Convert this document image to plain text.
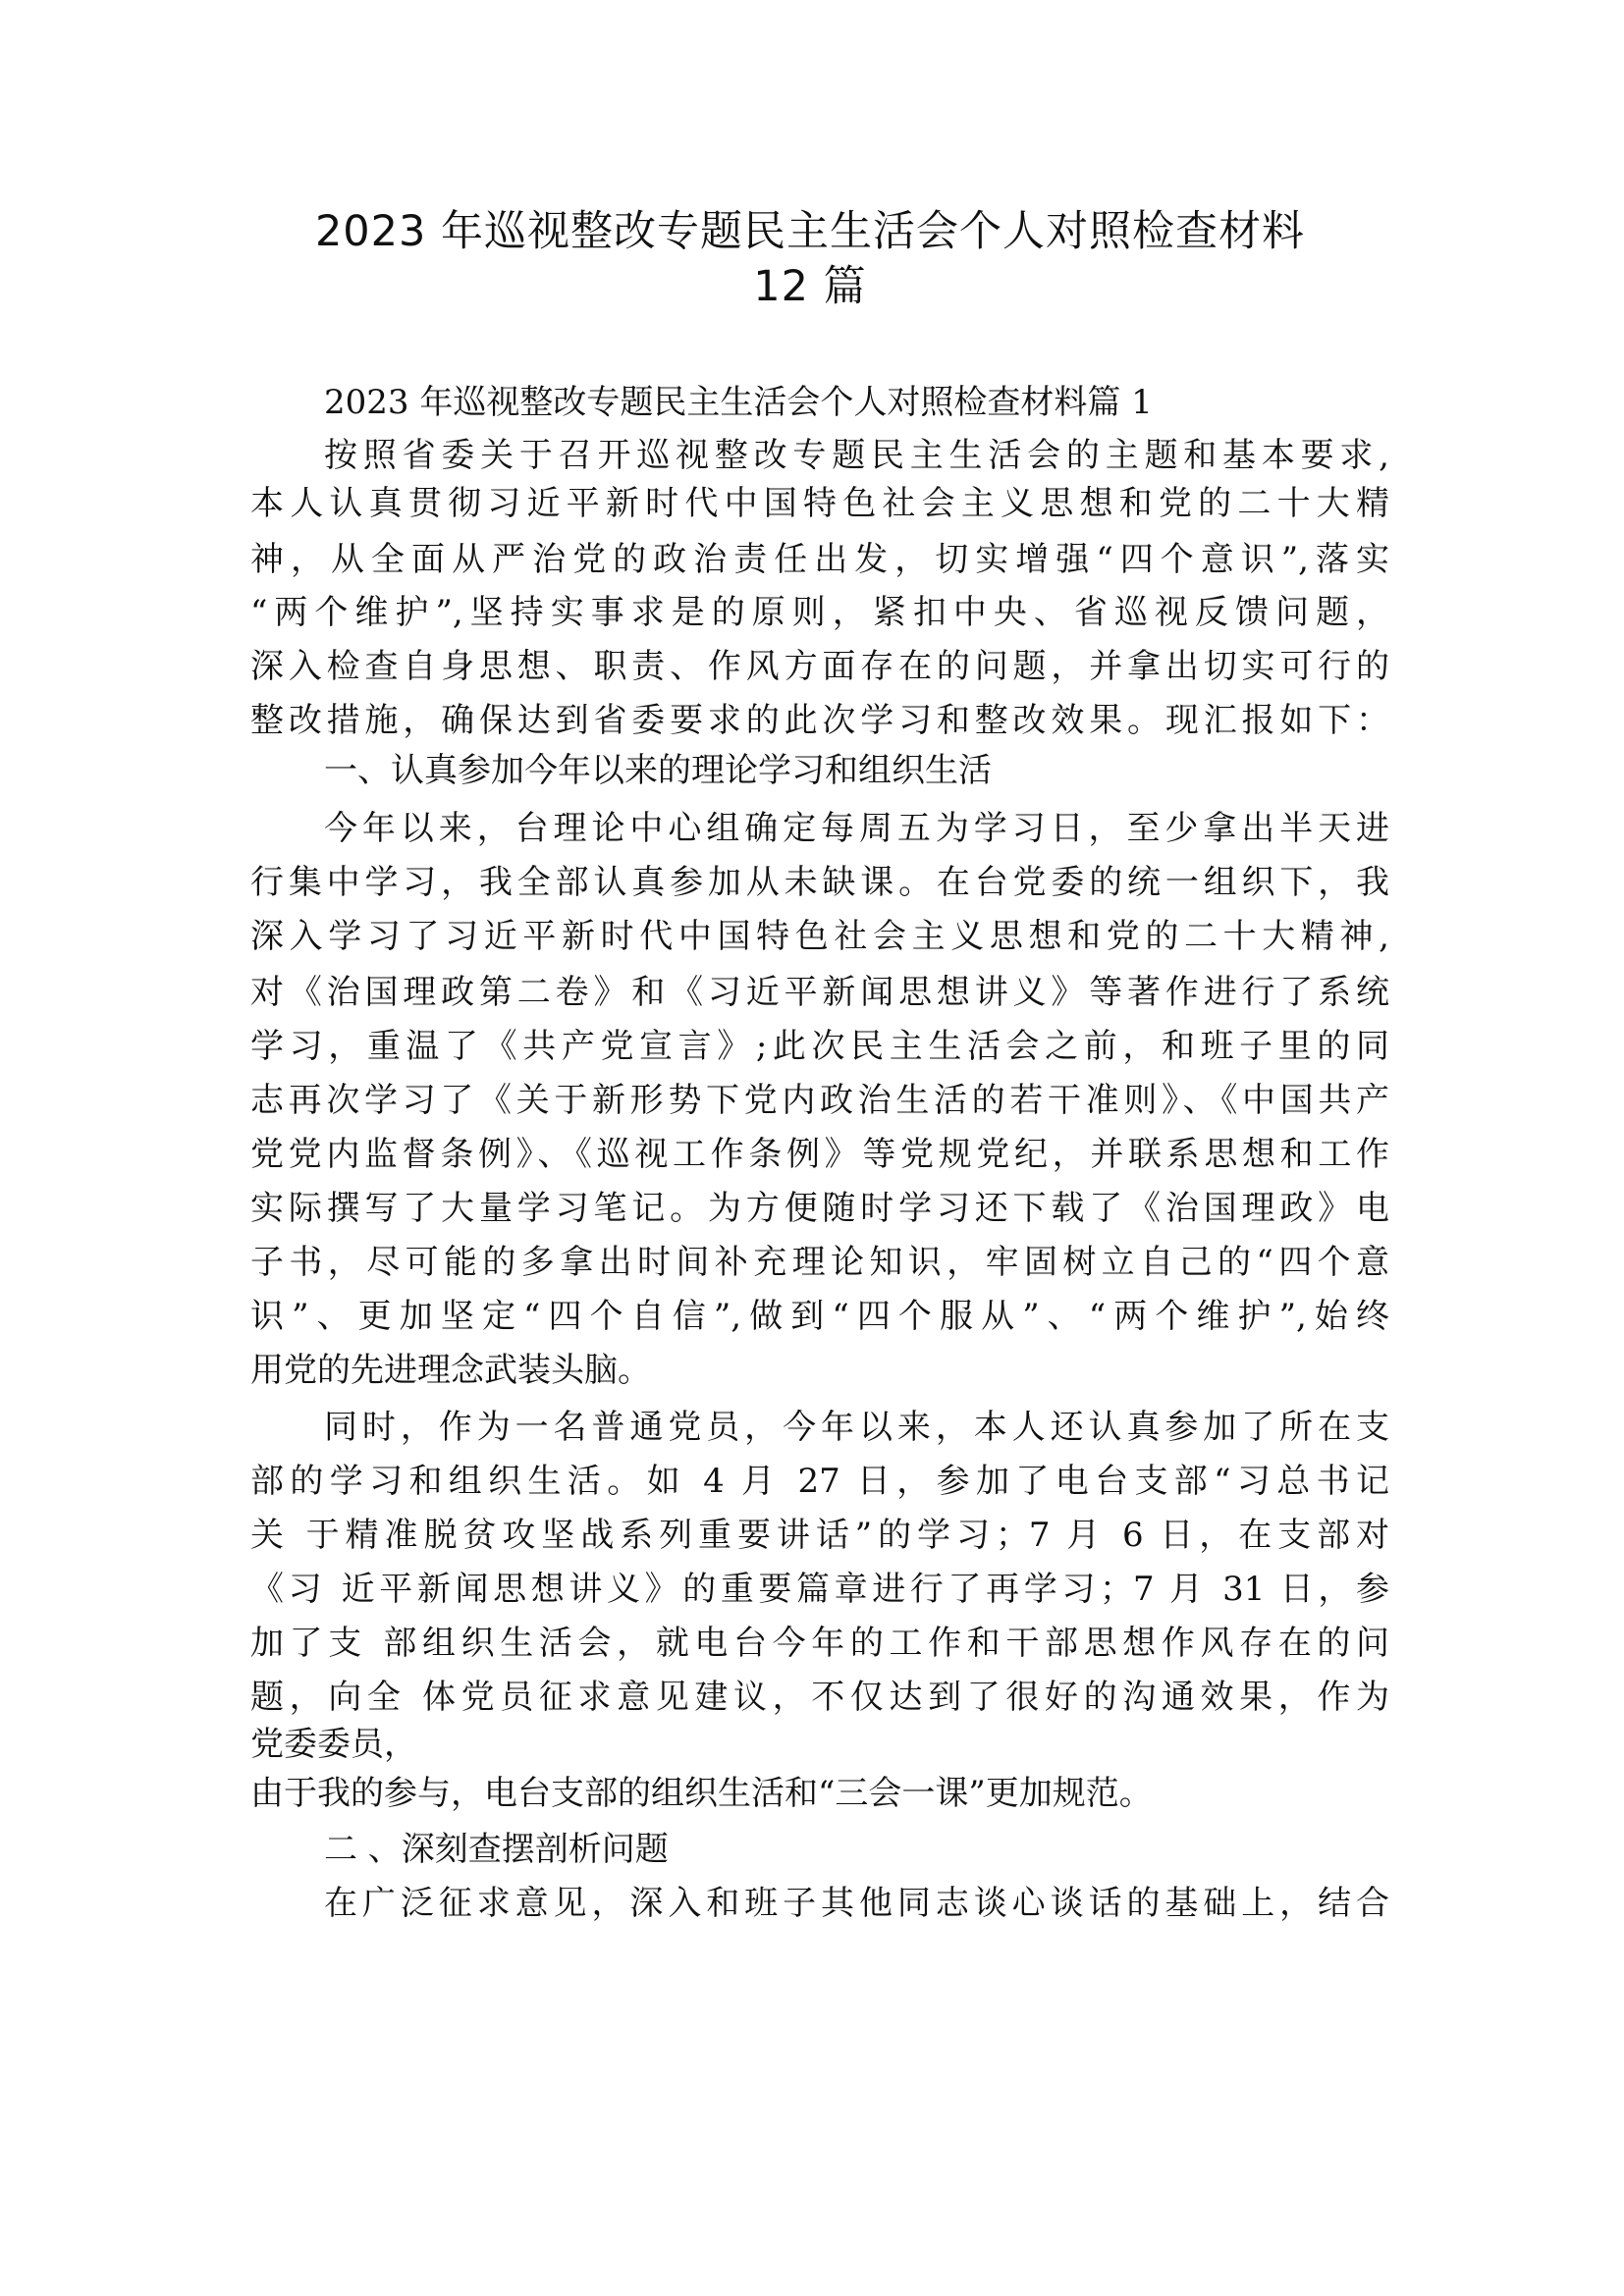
2023 年巡视整改专题民主生活会个人对照检查材料
12 篇

2023 年巡视整改专题民主生活会个人对照检查材料篇 1

按照省委关于召开巡视整改专题民主生活会的主题和基本要求,

本人认真贯彻习近平新时代中国特色社会主义思想和党的二十大精

神，从全面从严治党的政治责任出发，切实增强“四个意识”,落实

“两个维护”,坚持实事求是的原则，紧扣中央、省巡视反馈问题，

深入检查自身思想、职责、作风方面存在的问题，并拿出切实可行的

整改措施，确保达到省委要求的此次学习和整改效果。现汇报如下：

一、认真参加今年以来的理论学习和组织生活

今年以来，台理论中心组确定每周五为学习日，至少拿出半天进

行集中学习，我全部认真参加从未缺课。在台党委的统一组织下，我

深入学习了习近平新时代中国特色社会主义思想和党的二十大精神,

对《治国理政第二卷》和《习近平新闻思想讲义》等著作进行了系统

学习，重温了《共产党宣言》;此次民主生活会之前，和班子里的同

志再次学习了《关于新形势下党内政治生活的若干准则》、《中国共产

党党内监督条例》、《巡视工作条例》等党规党纪，并联系思想和工作

实际撰写了大量学习笔记。为方便随时学习还下载了《治国理政》电

子书，尽可能的多拿出时间补充理论知识，牢固树立自己的“四个意

识”、更加坚定“四个自信”,做到“四个服从”、“两个维护”,始终

用党的先进理念武装头脑。

同时，作为一名普通党员，今年以来，本人还认真参加了所在支

部的学习和组织生活。如 4 月 27 日，参加了电台支部“习总书记

关 于精准脱贫攻坚战系列重要讲话”的学习；7 月 6 日，在支部对

《习 近平新闻思想讲义》的重要篇章进行了再学习；7 月 31 日，参

加了支 部组织生活会，就电台今年的工作和干部思想作风存在的问

题，向全 体党员征求意见建议，不仅达到了很好的沟通效果，作为

党委委员，

由于我的参与，电台支部的组织生活和“三会一课”更加规范。

二 、深刻查摆剖析问题

在广泛征求意见，深入和班子其他同志谈心谈话的基础上，结合
